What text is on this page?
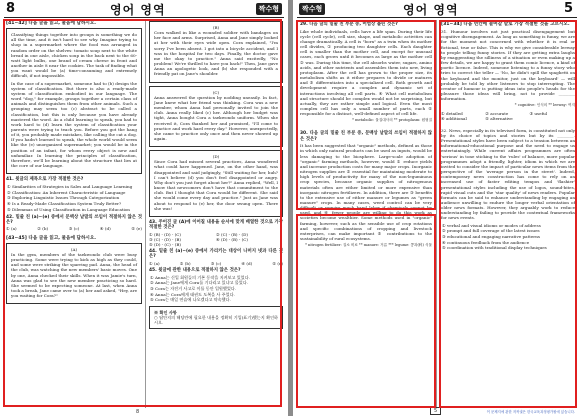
8	영어 영역	짝수형
[41~42] 다음 글을 읽고, 물음에 답하시오.

Classifying things together into groups is something we do all the time, and it isn't hard to see why. Imagine trying to shop in a supermarket where the food was arranged in random order on the shelves: tomato soup next to the white bread in one aisle, chicken soup in the back next to the 60-watt light bulbs, one brand of cream cheese in front and another in aisle 8 near the cookies. The task of finding what you want would be (a) time-consuming and extremely difficult, if not impossible.

In the case of a supermarket, someone had to (b) design the system of classification. But there is also a ready-made system of classification embodied in our language. The word "dog," for example, groups together a certain class of animals and distinguishes them from other animals. Such a grouping may seem too (c) abstract to be called a classification, but this is only because you have already mastered the word. As a child learning to speak, you had to work hard to (d) learn the system of classification your parents were trying to teach you. Before you got the hang of it, you probably made mistakes, like calling the cat a dog. If you hadn't learned to speak, the whole world would seem like the (e) unorganized supermarket; you would be in the position of an infant, for whom every object is new and unfamiliar. In learning the principles of classification, therefore, we'll be learning about the structure that lies at the core of our language.

41. 윗글의 제목으로 가장 적절한 것은?
① Similarities of Strategies in Sales and Language Learning
② Classification: An Inherent Characteristic of Language
③ Exploring Linguistic Issues Through Categorization
④ Is a Ready-Made Classification System Truly Better?
⑤ Dilemmas of Using Classification in Language Education
42. 밑줄 친 (a)~(e) 중에서 문맥상 낱말의 쓰임이 적절하지 않은 것은?
① (a)	② (b)	③ (c)	④ (d)	⑤ (e)
[43~45] 다음 글을 읽고, 물음에 답하시오.
(A)

In the gym, members of the taekwondo club were busy practicing. Some were trying to kick as high as they could, and some were striking the sparring pad. Anna, the head of the club, was watching the new members' basic moves. One by one, Anna checked their skills. When it was Jamie's turn, Anna was glad to see the new member practicing so hard. She seemed to be expecting someone. At last, when Anna took a break, Jane came over to (a) her and asked, "Hey, are you waiting for Cora?"

(B)

Cora walked in like a wounded soldier with bandages on her face and arms. Surprised, Anna and Jane simply looked at her with their eyes wide open. Cora explained, "I'm sorry I've been absent. I got into a bicycle accident, and I was in the hospital for two days. Finally, the doctor gave me the okay to practice." Anna said excitedly, "No problem! We're thrilled to have you back!" Then, Jane gave Anna an apologetic look, and (b) she responded with a friendly pat on Jane's shoulder.

(C)

Anna answered the question by nodding uneasily. In fact, Jane knew what her friend was thinking. Cora was a new member, whom Anna had personally invited to join the club. Anna really liked (c) her. Although her budget was tight, Anna bought Cora a taekwondo uniform. When she received it, Cora thanked her and promised, "I'll come to practice and work hard every day." However, unexpectedly, she came to practice only once and then never showed up again.

(D)

Since Cora had missed several practices, Anna wondered what could have happened. Jane, on the other hand, was disappointed and said judgingly, "Still waiting for her, huh? I can't believe (d) you don't feel disappointed or angry. Why don't you just forget about her?" Anna replied, "Well, I know that newcomers don't have that commitment to the club. But I thought that Cora would be different. She said she would come every day and practice." Just as Jane was about to respond to (e) her, the door swung open. There she was!

43. 주어진 글 (A)에 이어질 내용을 순서에 맞게 배열한 것으로 가장 적절한 것은?
① (B) - (D) - (C)	② (C) - (B) - (D)
③ (C) - (D) - (B)	④ (D) - (B) - (C)
⑤ (D) - (C) - (B)
44. 밑줄 친 (a)~(e) 중에서 가리키는 대상이 나머지 넷과 다른 것은?
① (a)	② (b)	③ (c)	④ (d)	⑤ (e)
45. 윗글에 관한 내용으로 적절하지 않은 것은?
① Anna는 신입 회원들의 기본 동작을 지켜보고 있었다.
② Anna는 Jane에게 Cora를 기다리고 있냐고 물었다.
③ Cora는 자전거 사고로 이틀 동안 입원했었다.
④ Anna는 Cora에게 태권도 도복을 사 주었다.
⑤ Cora는 매일 연습에 나오겠다고 약속했다.
※ 확인 사항
○ 답안지의 해당란에 필요한 내용을 정확히 기입(표기)했는지 확인하시오.
8
짝수형	영어 영역	5
29. 다음 글의 밑줄 친 부분 중, 어법상 틀린 것은?

Like whole individuals, cells have a life span. During their life cycle (cell cycle), cell size, shape, and metabolic activities can change dramatically. A cell is "born" as a twin when its mother cell divides, ① producing two daughter cells. Each daughter cell is smaller than the mother cell, and except for unusual cases, each grows until it becomes as large as the mother cell ② was. During this time, the cell absorbs water, sugars, amino acids, and other nutrients and assembles them into new, living protoplasm. After the cell has grown to the proper size, its metabolism shifts as it either prepares to divide or matures and ③ differentiates into a specialized cell. Both growth and development require a complex and dynamic set of interactions involving all cell parts. ④ What cell metabolism and structure should be complex would not be surprising, but actually, they are rather simple and logical. Even the most complex cell has only a small number of parts, each ⑤ responsible for a distinct, well-defined aspect of cell life.

* metabolic: 물질대사의 ** protoplasm: 원형질
30. 다음 글의 밑줄 친 부분 중, 문맥상 낱말의 쓰임이 적절하지 않은 것은?

It has been suggested that "organic" methods, defined as those in which only natural products can be used as inputs, would be less damaging to the biosphere. Large-scale adoption of "organic" farming methods, however, would ① reduce yields and increase production costs for many major crops. Inorganic nitrogen supplies are ② essential for maintaining moderate to high levels of productivity for many of the non-leguminous crop species, because organic supplies of nitrogenous materials often are either limited or more expensive than inorganic nitrogen fertilizers. In addition, there are ③ benefits to the extensive use of either manure or legumes as "green manure" crops. In many cases, weed control can be very difficult or require much hand labor if chemicals cannot be used, and ④ fewer people are willing to do this work as societies become wealthier. Some methods used in "organic" farming, however, such as the sensible use of crop rotations and specific combinations of cropping and livestock enterprises, can make important ⑤ contributions to the sustainability of rural ecosystems.

* nitrogen fertilizer: 질소 비료 ** manure: 거름 *** legume: 콩과(科) 식물
[31~34] 다음 빈칸에 들어갈 말로 가장 적절한 것을 고르시오.

31. Humour involves not just practical disengagement but cognitive disengagement. As long as something is funny, we are for the moment not concerned with whether it is real or fictional, true or false. This is why we give considerable leeway to people telling funny stories. If they are getting extra laughs by exaggerating the silliness of a situation or even making up a few details, we are happy to grant them comic licence, a kind of poetic licence. Indeed, someone listening to a funny story who tries to correct the teller — 'No, he didn't spill the spaghetti on the keyboard and the monitor, just on the keyboard' — will probably be told by other listeners to stop interrupting. The creator of humour is putting ideas into people's heads for the pleasure those ideas will bring, not to provide ________ information.

* cognitive: 인식의 ** leeway: 여지
① detailed	② accurate	③ useful
④ additional	⑤ alternative

32. News, especially in its televised form, is constituted not only by its choice of topics and stories but by its ________. Presentational styles have been subject to a tension between an informational-educational purpose and the need to engage us entertainingly. While current affairs programmes are often 'serious' in tone sticking to the 'rules' of balance, more popular programmes adopt a friendly, lighter, idiom in which we are invited to consider the impact of particular news items from the perspective of the 'average person in the street'. Indeed, contemporary news construction has come to rely on an increased use of faster editing tempos and 'flashier' presentational styles including the use of logos, sound-bites, rapid visual cuts and the 'star quality' of news readers. Popular formats can be said to enhance understanding by engaging an audience unwilling to endure the longer verbal orientation of older news formats. However, they arguably work to reduce understanding by failing to provide the contextual frameworks for news events.

① verbal and visual idioms or modes of address
② prompt and full coverage of the latest issues
③ educational and engaging narrative patterns
④ continuous feedback from the audience
⑤ coordination with traditional display techniques
5	이 문제지에 관한 저작권은 한국교육과정평가원에 있습니다.
